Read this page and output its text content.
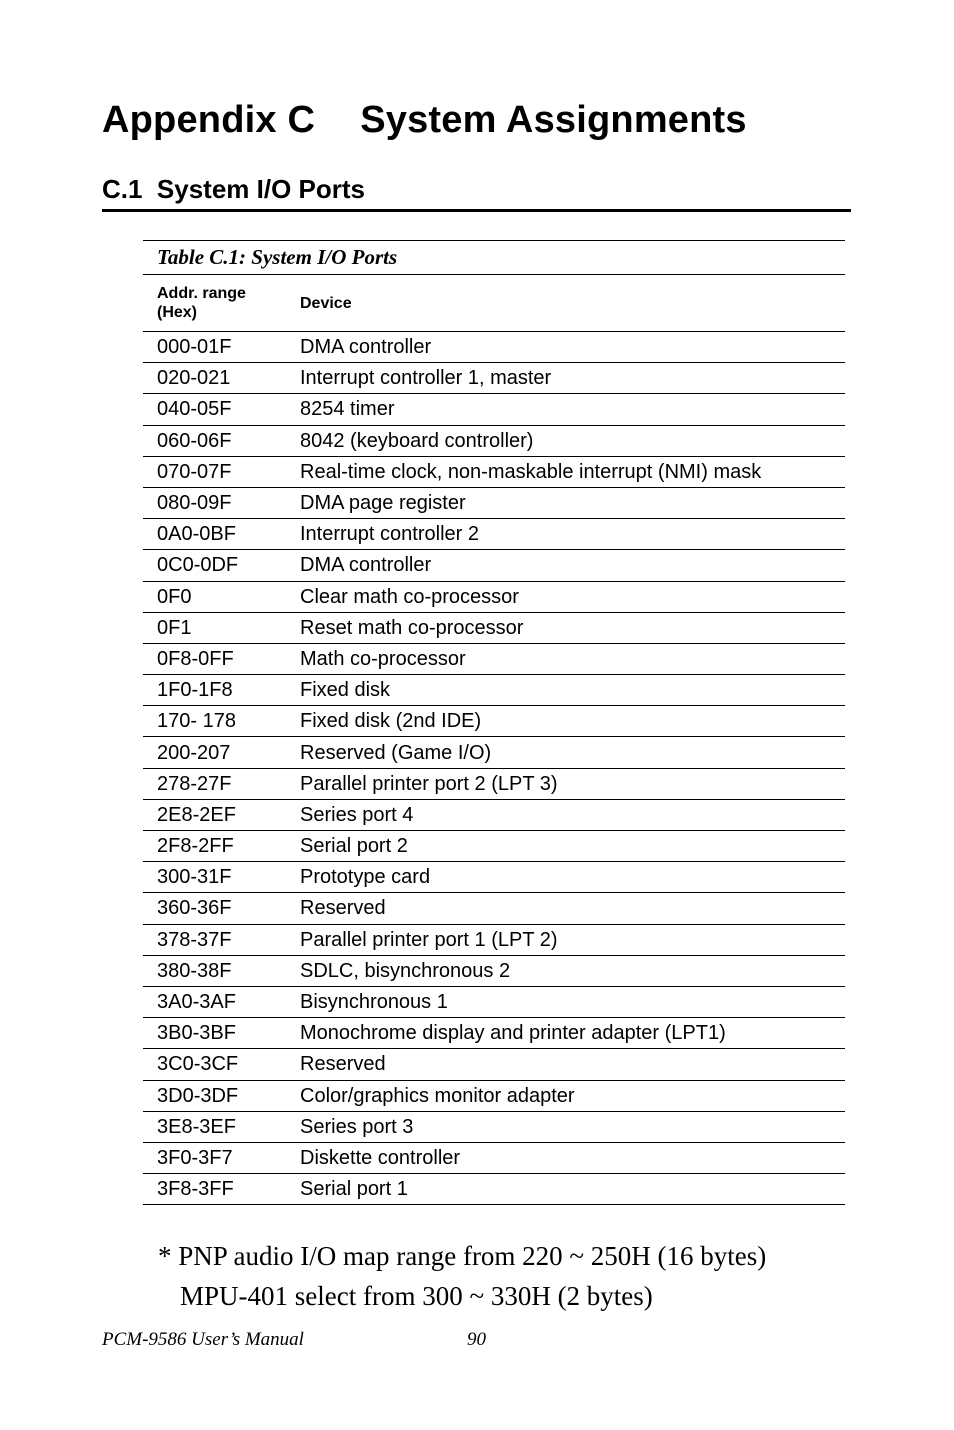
Appendix C	System Assignments
C.1  System I/O Ports
Table C.1: System I/O Ports	
Addr. range
(Hex)	Device
000-01F	DMA controller
020-021	Interrupt controller 1, master
040-05F	8254 timer
060-06F	8042 (keyboard controller)
070-07F	Real-time clock, non-maskable interrupt (NMI) mask
080-09F	DMA page register
0A0-0BF	Interrupt controller 2
0C0-0DF	DMA controller
0F0	Clear math co-processor
0F1	Reset math co-processor
0F8-0FF	Math co-processor
1F0-1F8	Fixed disk
170- 178	Fixed disk (2nd IDE)
200-207	Reserved (Game I/O)
278-27F	Parallel printer port 2 (LPT 3)
2E8-2EF	Series port 4
2F8-2FF	Serial port 2
300-31F	Prototype card
360-36F	Reserved
378-37F	Parallel printer port 1 (LPT 2)
380-38F	SDLC, bisynchronous 2
3A0-3AF	Bisynchronous 1
3B0-3BF	Monochrome display and printer adapter (LPT1)
3C0-3CF	Reserved
3D0-3DF	Color/graphics monitor adapter
3E8-3EF	Series port 3
3F0-3F7	Diskette controller
3F8-3FF	Serial port 1

* PNP audio I/O map range from 220 ~ 250H (16 bytes)
MPU-401 select from 300 ~ 330H (2 bytes)

PCM-9586 User’s Manual	90
